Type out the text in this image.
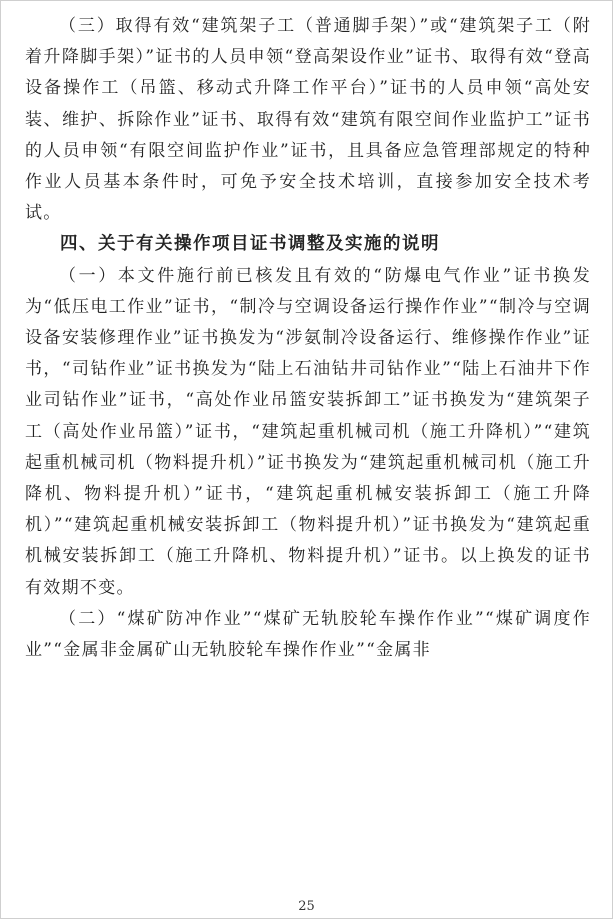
（三）取得有效“建筑架子工（普通脚手架）”或“建筑架子工（附着升降脚手架）”证书的人员申领“登高架设作业”证书、取得有效“登高设备操作工（吊篮、移动式升降工作平台）”证书的人员申领“高处安装、维护、拆除作业”证书、取得有效“建筑有限空间作业监护工”证书的人员申领“有限空间监护作业”证书，且具备应急管理部规定的特种作业人员基本条件时，可免予安全技术培训，直接参加安全技术考试。

四、关于有关操作项目证书调整及实施的说明

（一）本文件施行前已核发且有效的“防爆电气作业”证书换发为“低压电工作业”证书，“制冷与空调设备运行操作作业”“制冷与空调设备安装修理作业”证书换发为“涉氨制冷设备运行、维修操作作业”证书，“司钻作业”证书换发为“陆上石油钻井司钻作业”“陆上石油井下作业司钻作业”证书，“高处作业吊篮安装拆卸工”证书换发为“建筑架子工（高处作业吊篮）”证书，“建筑起重机械司机（施工升降机）”“建筑起重机械司机（物料提升机）”证书换发为“建筑起重机械司机（施工升降机、物料提升机）”证书，“建筑起重机械安装拆卸工（施工升降机）”“建筑起重机械安装拆卸工（物料提升机）”证书换发为“建筑起重机械安装拆卸工（施工升降机、物料提升机）”证书。以上换发的证书有效期不变。

（二）“煤矿防冲作业”“煤矿无轨胶轮车操作作业”“煤矿调度作业”“金属非金属矿山无轨胶轮车操作作业”“金属非

25
